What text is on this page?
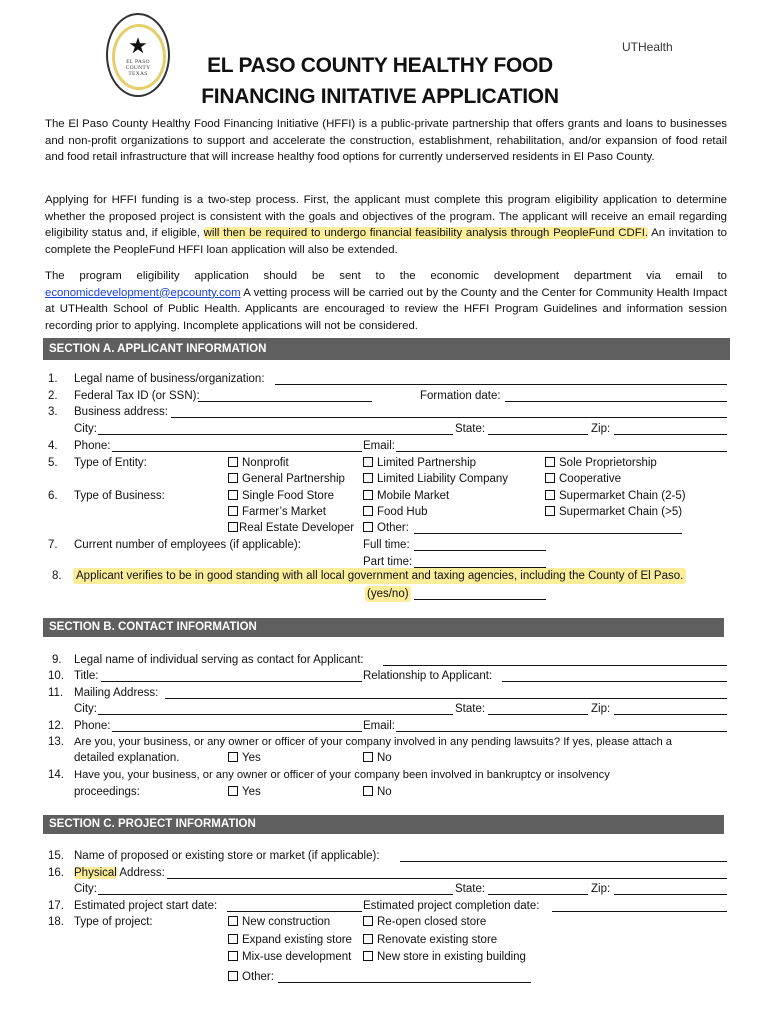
★
EL PASO COUNTY TEXAS
UTHealth
EL PASO COUNTY HEALTHY FOOD
FINANCING INITATIVE APPLICATION
The El Paso County Healthy Food Financing Initiative (HFFI) is a public-private partnership that offers grants and loans to businesses and non-profit organizations to support and accelerate the construction, establishment, rehabilitation, and/or expansion of food retail and food retail infrastructure that will increase healthy food options for currently underserved residents in El Paso County.
Applying for HFFI funding is a two-step process. First, the applicant must complete this program eligibility application to determine whether the proposed project is consistent with the goals and objectives of the program. The applicant will receive an email regarding eligibility status and, if eligible, will then be required to undergo financial feasibility analysis through PeopleFund CDFI. An invitation to complete the PeopleFund HFFI loan application will also be extended.
The program eligibility application should be sent to the economic development department via email to economicdevelopment@epcounty.com A vetting process will be carried out by the County and the Center for Community Health Impact at UTHealth School of Public Health. Applicants are encouraged to review the HFFI Program Guidelines and information session recording prior to applying. Incomplete applications will not be considered.
SECTION A. APPLICANT INFORMATION
1. Legal name of business/organization:
2. Federal Tax ID (or SSN):	Formation date:
3. Business address:
City:	State:	Zip:
4. Phone:	Email:
5. Type of Entity:	Nonprofit	Limited Partnership	Sole Proprietorship
General Partnership	Limited Liability Company	Cooperative
6. Type of Business:	Single Food Store	Mobile Market	Supermarket Chain (2-5)
Farmer’s Market	Food Hub	Supermarket Chain (>5)
Real Estate Developer	Other:
7. Current number of employees (if applicable):	Full time:
Part time:
8. Applicant verifies to be in good standing with all local government and taxing agencies, including the County of El Paso.
(yes/no)
SECTION B. CONTACT INFORMATION
9. Legal name of individual serving as contact for Applicant:
10. Title:	Relationship to Applicant:
11. Mailing Address:
City:	State:	Zip:
12. Phone:	Email:
13. Are you, your business, or any owner or officer of your company involved in any pending lawsuits? If yes, please attach a
detailed explanation.	Yes	No
14. Have you, your business, or any owner or officer of your company been involved in bankruptcy or insolvency
proceedings:	Yes	No
SECTION C. PROJECT INFORMATION
15. Name of proposed or existing store or market (if applicable):
16. Physical Address:
City:	State:	Zip:
17. Estimated project start date:	Estimated project completion date:
18. Type of project:	New construction	Re-open closed store
Expand existing store	Renovate existing store
Mix-use development	New store in existing building
Other:
